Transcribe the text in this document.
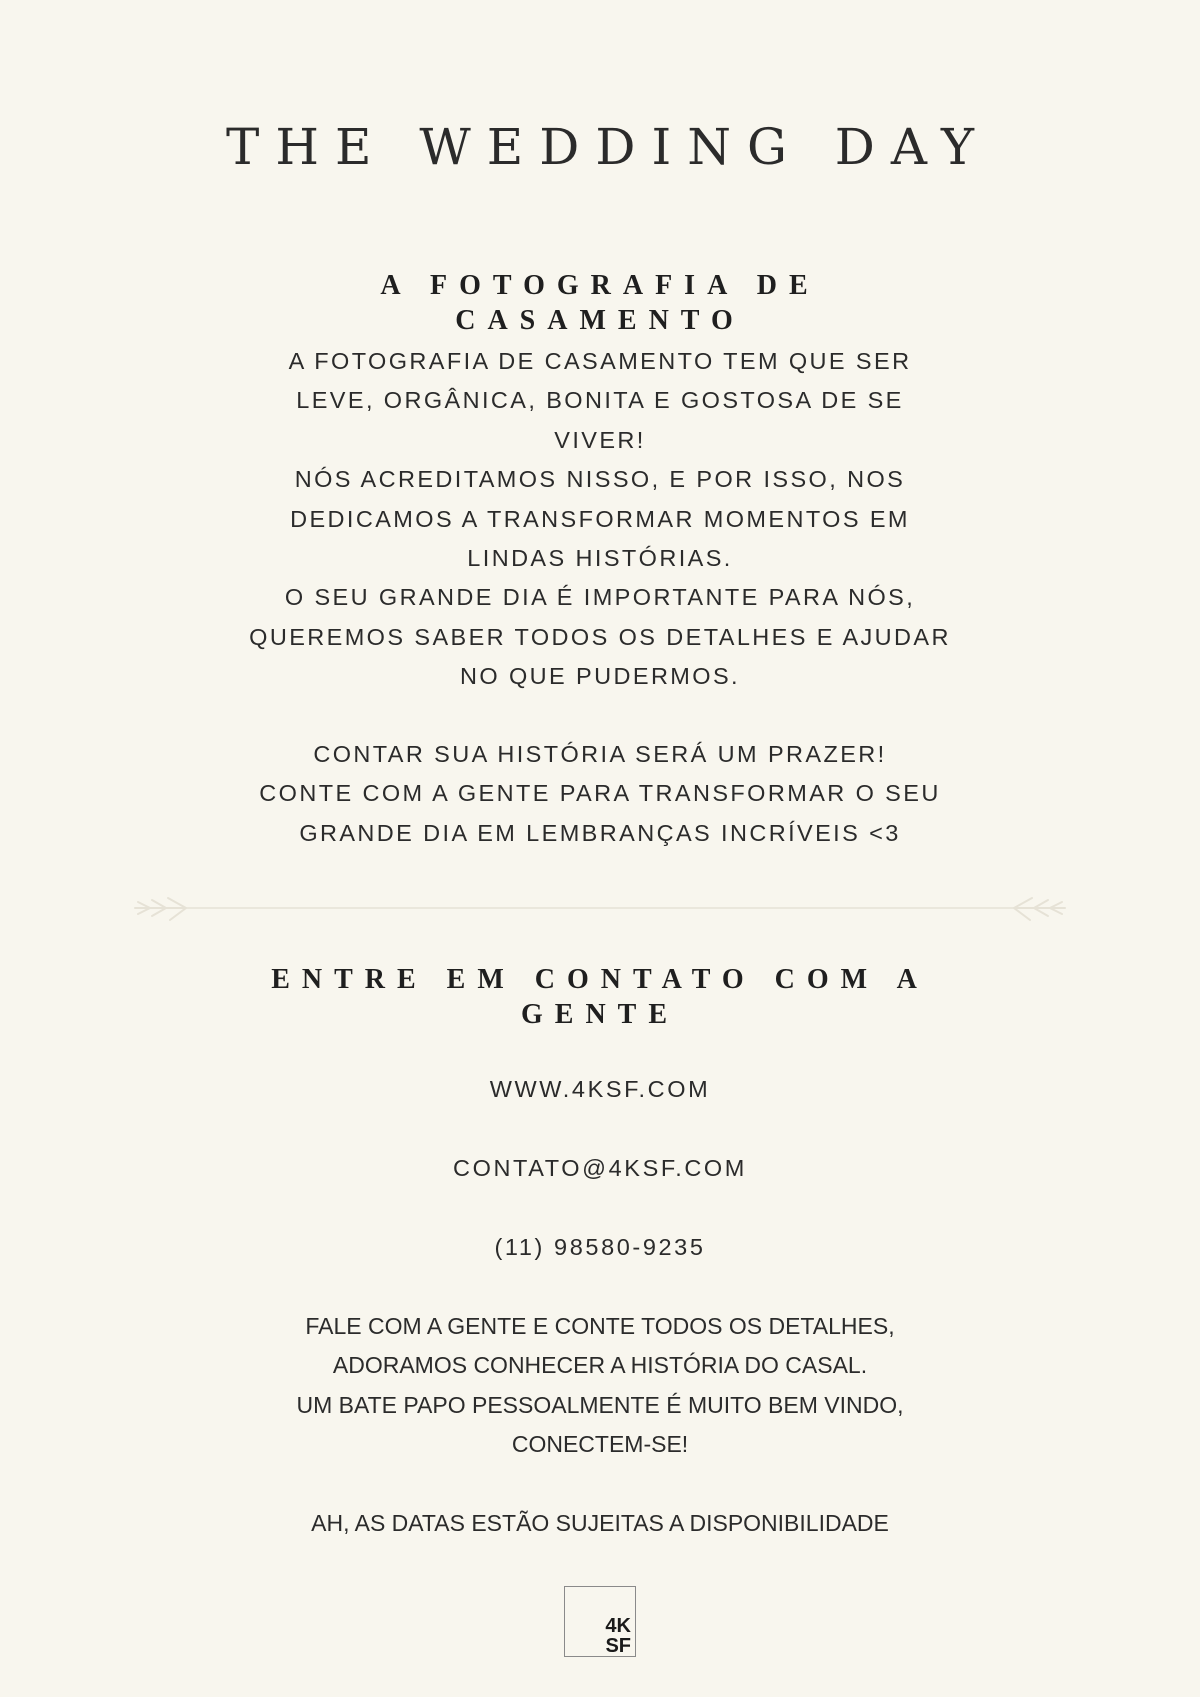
THE WEDDING DAY
A FOTOGRAFIA DE CASAMENTO
A FOTOGRAFIA DE CASAMENTO TEM QUE SER
LEVE, ORGÂNICA, BONITA E GOSTOSA DE SE
VIVER!
NÓS ACREDITAMOS NISSO, E POR ISSO, NOS
DEDICAMOS A TRANSFORMAR MOMENTOS EM
LINDAS HISTÓRIAS.
O SEU GRANDE DIA É IMPORTANTE PARA NÓS,
QUEREMOS SABER TODOS OS DETALHES E AJUDAR
NO QUE PUDERMOS.
CONTAR SUA HISTÓRIA SERÁ UM PRAZER!
CONTE COM A GENTE PARA TRANSFORMAR O SEU
GRANDE DIA EM LEMBRANÇAS INCRÍVEIS <3
ENTRE EM CONTATO COM A
GENTE
WWW.4KSF.COM
CONTATO@4KSF.COM
(11) 98580-9235
FALE COM A GENTE E CONTE TODOS OS DETALHES,
ADORAMOS CONHECER A HISTÓRIA DO CASAL.
UM BATE PAPO PESSOALMENTE É MUITO BEM VINDO,
CONECTEM-SE!
AH, AS DATAS ESTÃO SUJEITAS A DISPONIBILIDADE
4K
SF
